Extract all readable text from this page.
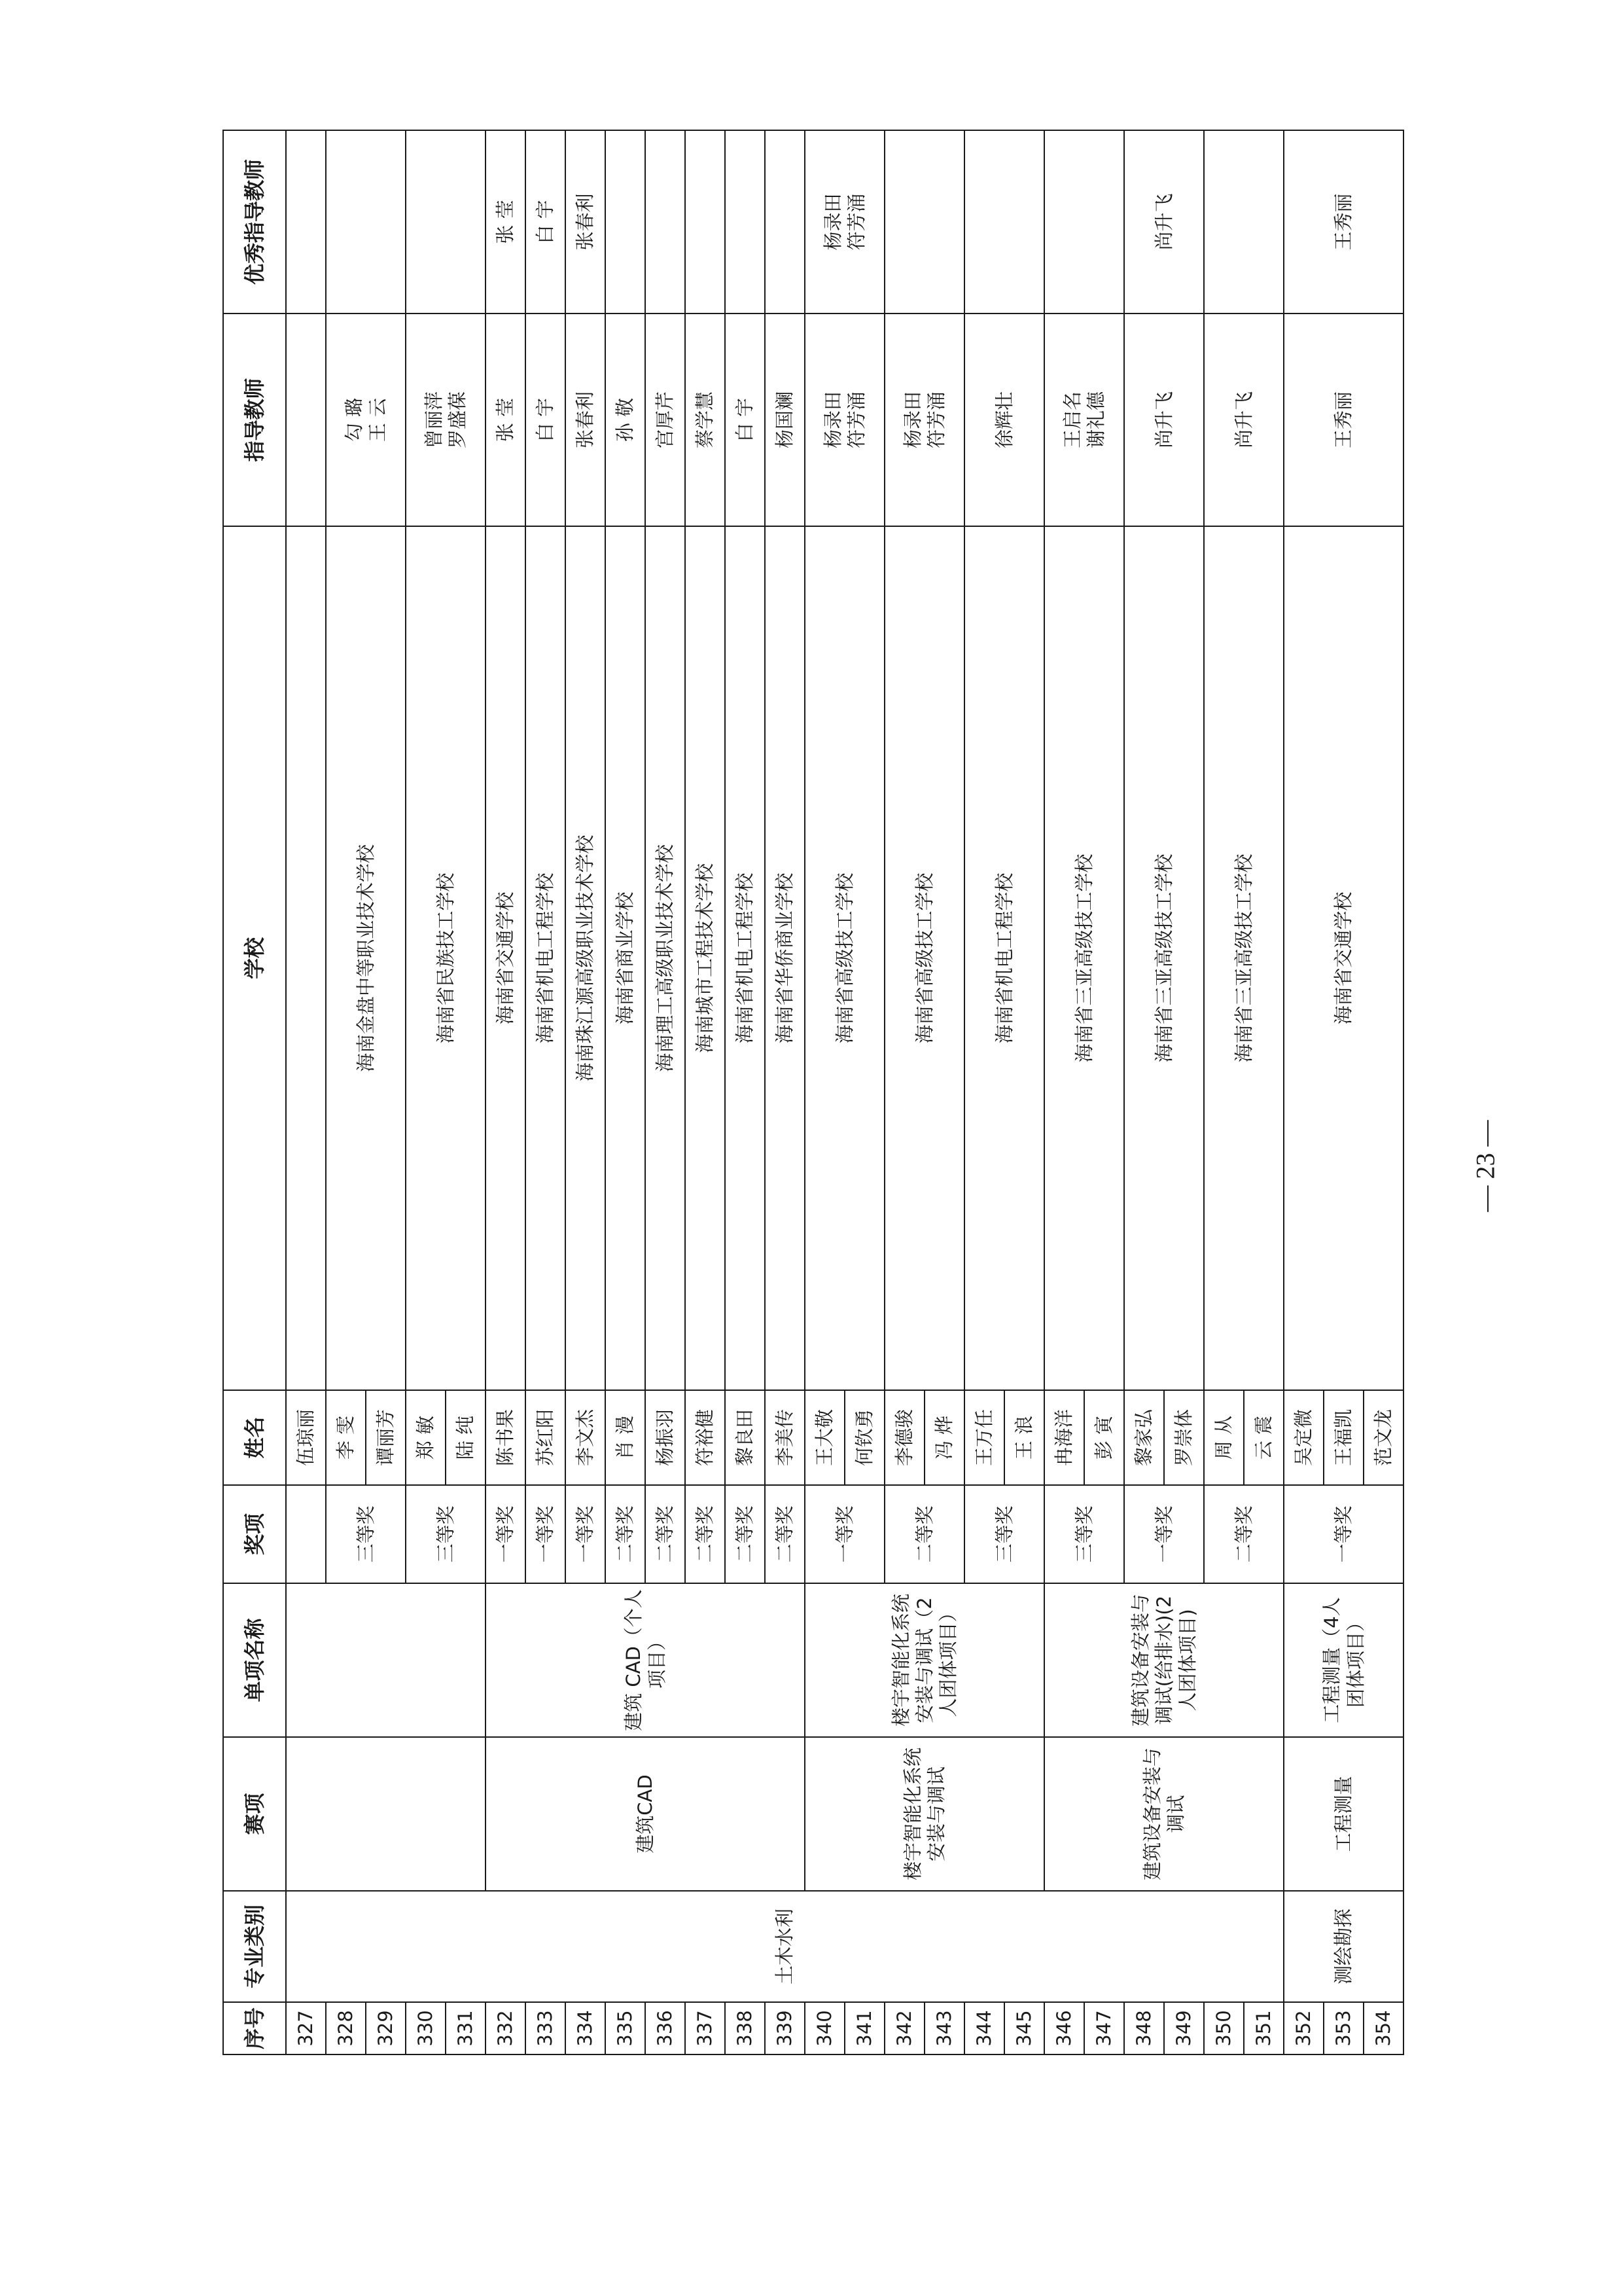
序号	专业类别	赛项	单项名称	奖项	姓名	学校	指导教师	优秀指导教师
327	土木水利				伍琼丽			
328				三等奖	李 雯	海南金盘中等职业技术学校	勾 璐 王 云	

329					谭丽芳			
330				三等奖	郑 敏	海南省民族技工学校	曾丽萍 罗盛葆	

331					陆 纯			
332		建筑CAD	建筑 CAD（个人项目）	一等奖	陈书果	海南省交通学校	张 莹	张 莹
333				一等奖	苏红阳	海南省机电工程学校	白 宇	白 宇
334				一等奖	李文杰	海南珠江源高级职业技术学校	张春利	张春利
335				二等奖	肖 漫	海南省商业学校	孙 敬	
336				二等奖	杨振羽	海南理工高级职业技术学校	宫厚芹	
337				二等奖	符裕健	海南城市工程技术学校	蔡学慧	
338				二等奖	黎良田	海南省机电工程学校	白 宇	
339				二等奖	李美传	海南省华侨商业学校	杨国斓	
340		楼宇智能化系统安装与调试	楼宇智能化系统安装与调试（2人团体项目）	一等奖	王大敬	海南省高级技工学校	杨录田 符芳涌	杨录田 符芳涌

341					何钦勇			
342				二等奖	李德骏	海南省高级技工学校	杨录田 符芳涌	

343					冯 烨			
344				三等奖	王万任	海南省机电工程学校	徐辉壮	
345					王 浪			
346		建筑设备安装与调试	建筑设备安装与调试(给排水)(2人团体项目)	三等奖	冉海洋	海南省三亚高级技工学校	王启名 谢礼德	

347					彭 寅			
348				一等奖	黎家弘	海南省三亚高级技工学校	尚升飞	尚升飞
349					罗崇体			
350				二等奖	周 从	海南省三亚高级技工学校	尚升飞	
351					云 震			
352	测绘勘探	工程测量	工程测量（4人团体项目）	一等奖	吴定微	海南省交通学校	王秀丽	王秀丽
353					王福凯			
354					范文龙			
— 23 —
